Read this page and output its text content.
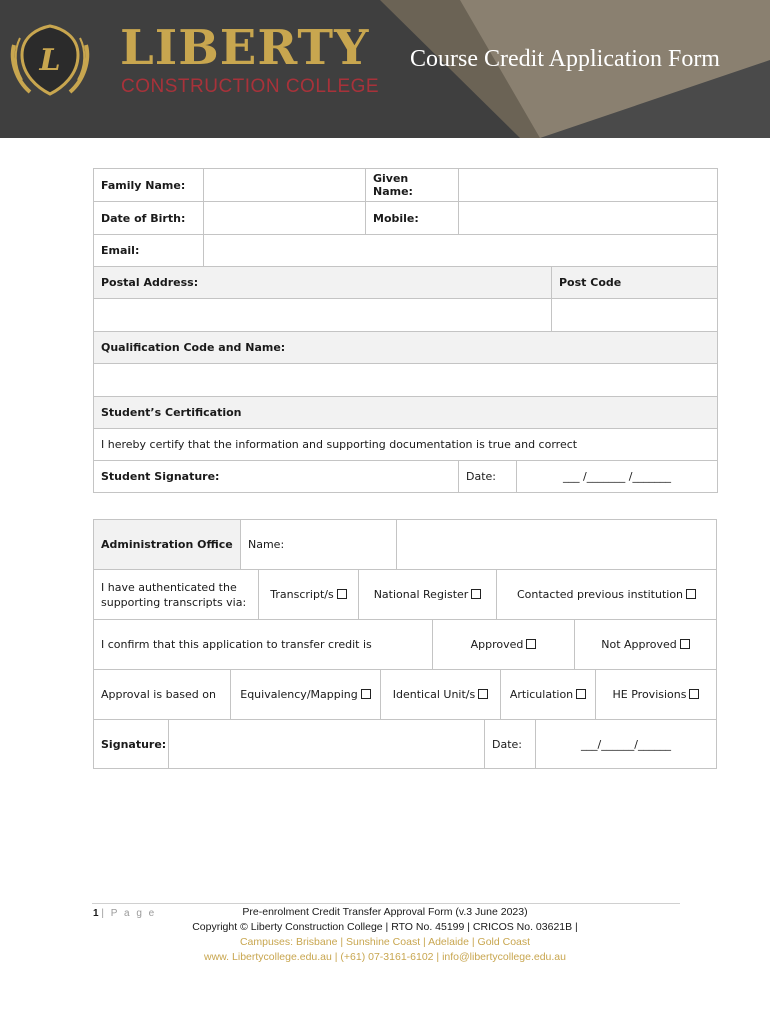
L LIBERTY
CONSTRUCTION COLLEGE
Course Credit Application Form
Family Name:		Given Name:		
Date of Birth:		Mobile:		
Email:				
Postal Address:				Post Code

Qualification Code and Name:				

Student’s Certification				
I hereby certify that the information and supporting documentation is true and correct				
Student Signature:			Date: ___ /_______ /_______	
Administration Office	Name:	
I have authenticated the supporting transcripts via:	Transcript/s	National Register	Contacted previous institution
I confirm that this application to transfer credit is	Approved	Not Approved
Approval is based on	Equivalency/Mapping	Identical Unit/s	Articulation	HE Provisions
Signature:		Date:	___/______/______
1 | P a g e	Pre-enrolment Credit Transfer Approval Form (v.3 June 2023)
Copyright © Liberty Construction College | RTO No. 45199 | CRICOS No. 03621B |
Campuses: Brisbane | Sunshine Coast | Adelaide | Gold Coast
www. Libertycollege.edu.au | (+61) 07-3161-6102 | info@libertycollege.edu.au
